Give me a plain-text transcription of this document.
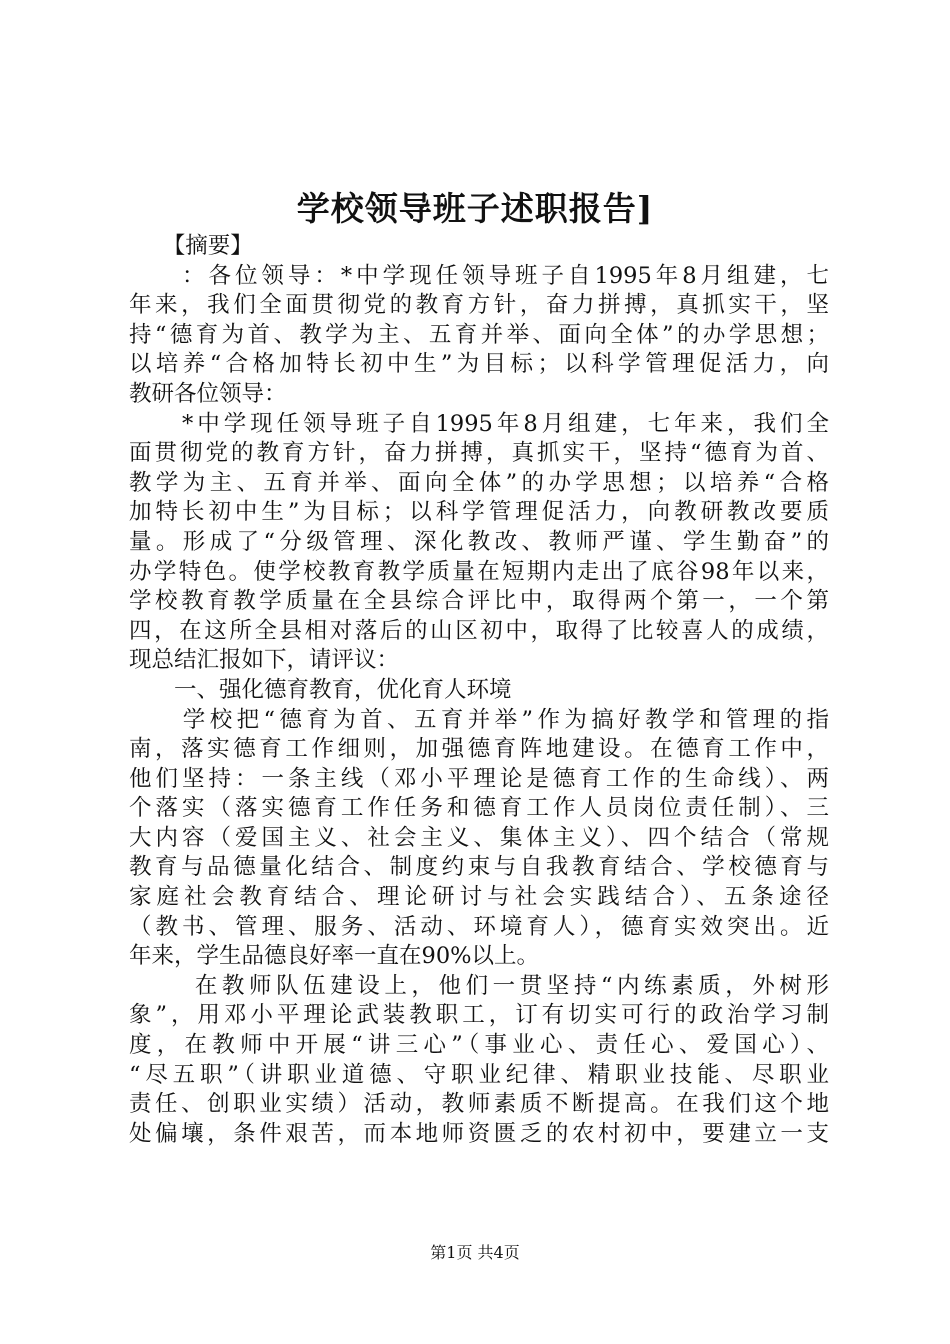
学校领导班子述职报告]
　　【摘要】
　　：各位领导：*中学现任领导班子自1995年8月组建，七
年来，我们全面贯彻党的教育方针，奋力拼搏，真抓实干，坚
持“德育为首、教学为主、五育并举、面向全体”的办学思想；
以培养“合格加特长初中生”为目标；以科学管理促活力，向
教研各位领导：
　　*中学现任领导班子自1995年8月组建，七年来，我们全
面贯彻党的教育方针，奋力拼搏，真抓实干，坚持“德育为首、
教学为主、五育并举、面向全体”的办学思想；以培养“合格
加特长初中生”为目标；以科学管理促活力，向教研教改要质
量。形成了“分级管理、深化教改、教师严谨、学生勤奋”的
办学特色。使学校教育教学质量在短期内走出了底谷98年以来，
学校教育教学质量在全县综合评比中，取得两个第一，一个第
四，在这所全县相对落后的山区初中，取得了比较喜人的成绩，
现总结汇报如下，请评议：
　　一、强化德育教育，优化育人环境
　　学校把“德育为首、五育并举”作为搞好教学和管理的指
南，落实德育工作细则，加强德育阵地建设。在德育工作中，
他们坚持：一条主线（邓小平理论是德育工作的生命线）、两
个落实（落实德育工作任务和德育工作人员岗位责任制）、三
大内容（爱国主义、社会主义、集体主义）、四个结合（常规
教育与品德量化结合、制度约束与自我教育结合、学校德育与
家庭社会教育结合、理论研讨与社会实践结合）、五条途径
（教书、管理、服务、活动、环境育人），德育实效突出。近
年来，学生品德良好率一直在90%以上。
　　 在教师队伍建设上，他们一贯坚持“内练素质，外树形
象”，用邓小平理论武装教职工，订有切实可行的政治学习制
度，在教师中开展“讲三心”（事业心、责任心、爱国心）、
“尽五职”（讲职业道德、守职业纪律、精职业技能、尽职业
责任、创职业实绩）活动，教师素质不断提高。在我们这个地
处偏壤，条件艰苦，而本地师资匮乏的农村初中，要建立一支
第1页 共4页
